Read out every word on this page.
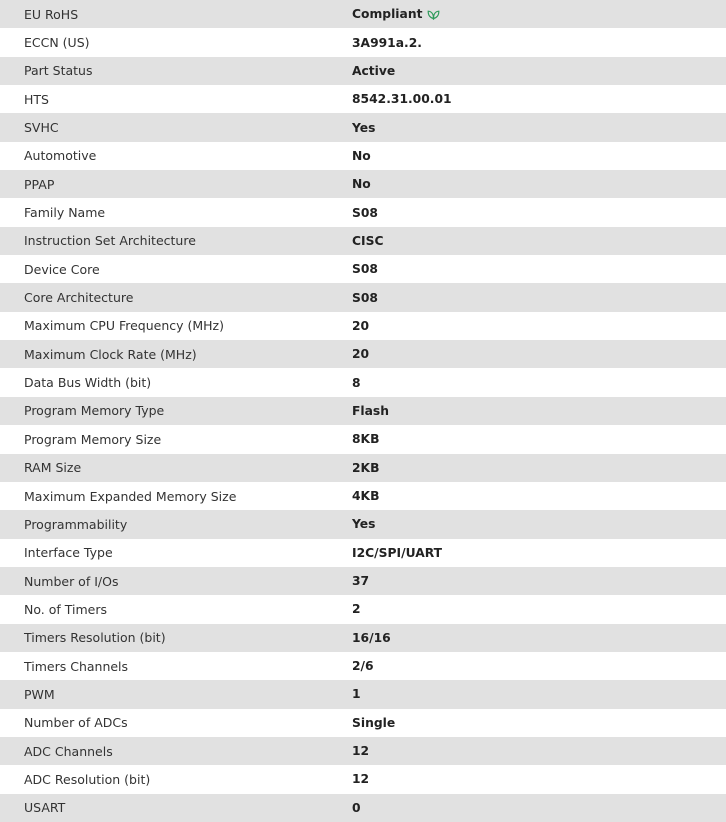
EU RoHS	Compliant
ECCN (US)	3A991a.2.
Part Status	Active
HTS	8542.31.00.01
SVHC	Yes
Automotive	No
PPAP	No
Family Name	S08
Instruction Set Architecture	CISC
Device Core	S08
Core Architecture	S08
Maximum CPU Frequency (MHz)	20
Maximum Clock Rate (MHz)	20
Data Bus Width (bit)	8
Program Memory Type	Flash
Program Memory Size	8KB
RAM Size	2KB
Maximum Expanded Memory Size	4KB
Programmability	Yes
Interface Type	I2C/SPI/UART
Number of I/Os	37
No. of Timers	2
Timers Resolution (bit)	16/16
Timers Channels	2/6
PWM	1
Number of ADCs	Single
ADC Channels	12
ADC Resolution (bit)	12
USART	0
